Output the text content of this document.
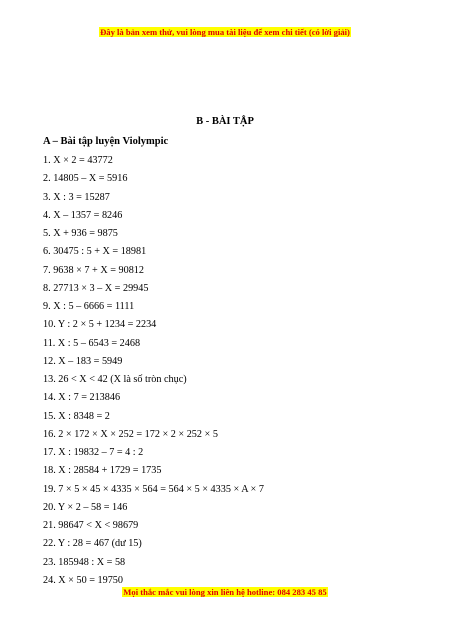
Đây là bản xem thử, vui lòng mua tài liệu để xem chi tiết (có lời giải)
B - BÀI TẬP
A – Bài tập luyện Violympic
1. X × 2 = 43772
2. 14805 – X = 5916
3. X : 3 = 15287
4. X – 1357 = 8246
5. X + 936 = 9875
6. 30475 : 5 + X = 18981
7. 9638 × 7 + X = 90812
8. 27713 × 3 – X = 29945
9. X : 5 – 6666 = 1111
10. Y : 2 × 5 + 1234 = 2234
11. X : 5 – 6543 = 2468
12. X – 183 = 5949
13. 26 < X < 42 (X là số tròn chục)
14. X : 7 = 213846
15. X : 8348 = 2
16. 2 × 172 × X × 252 = 172 × 2 × 252 × 5
17. X : 19832 – 7 = 4 : 2
18. X : 28584 + 1729 = 1735
19. 7 × 5 × 45 × 4335 × 564 = 564 × 5 × 4335 × A × 7
20. Y × 2 – 58 = 146
21. 98647 < X < 98679
22. Y : 28 = 467 (dư 15)
23. 185948 : X = 58
24. X × 50 = 19750
Mọi thắc mắc vui lòng xin liên hệ hotline: 084 283 45 85
